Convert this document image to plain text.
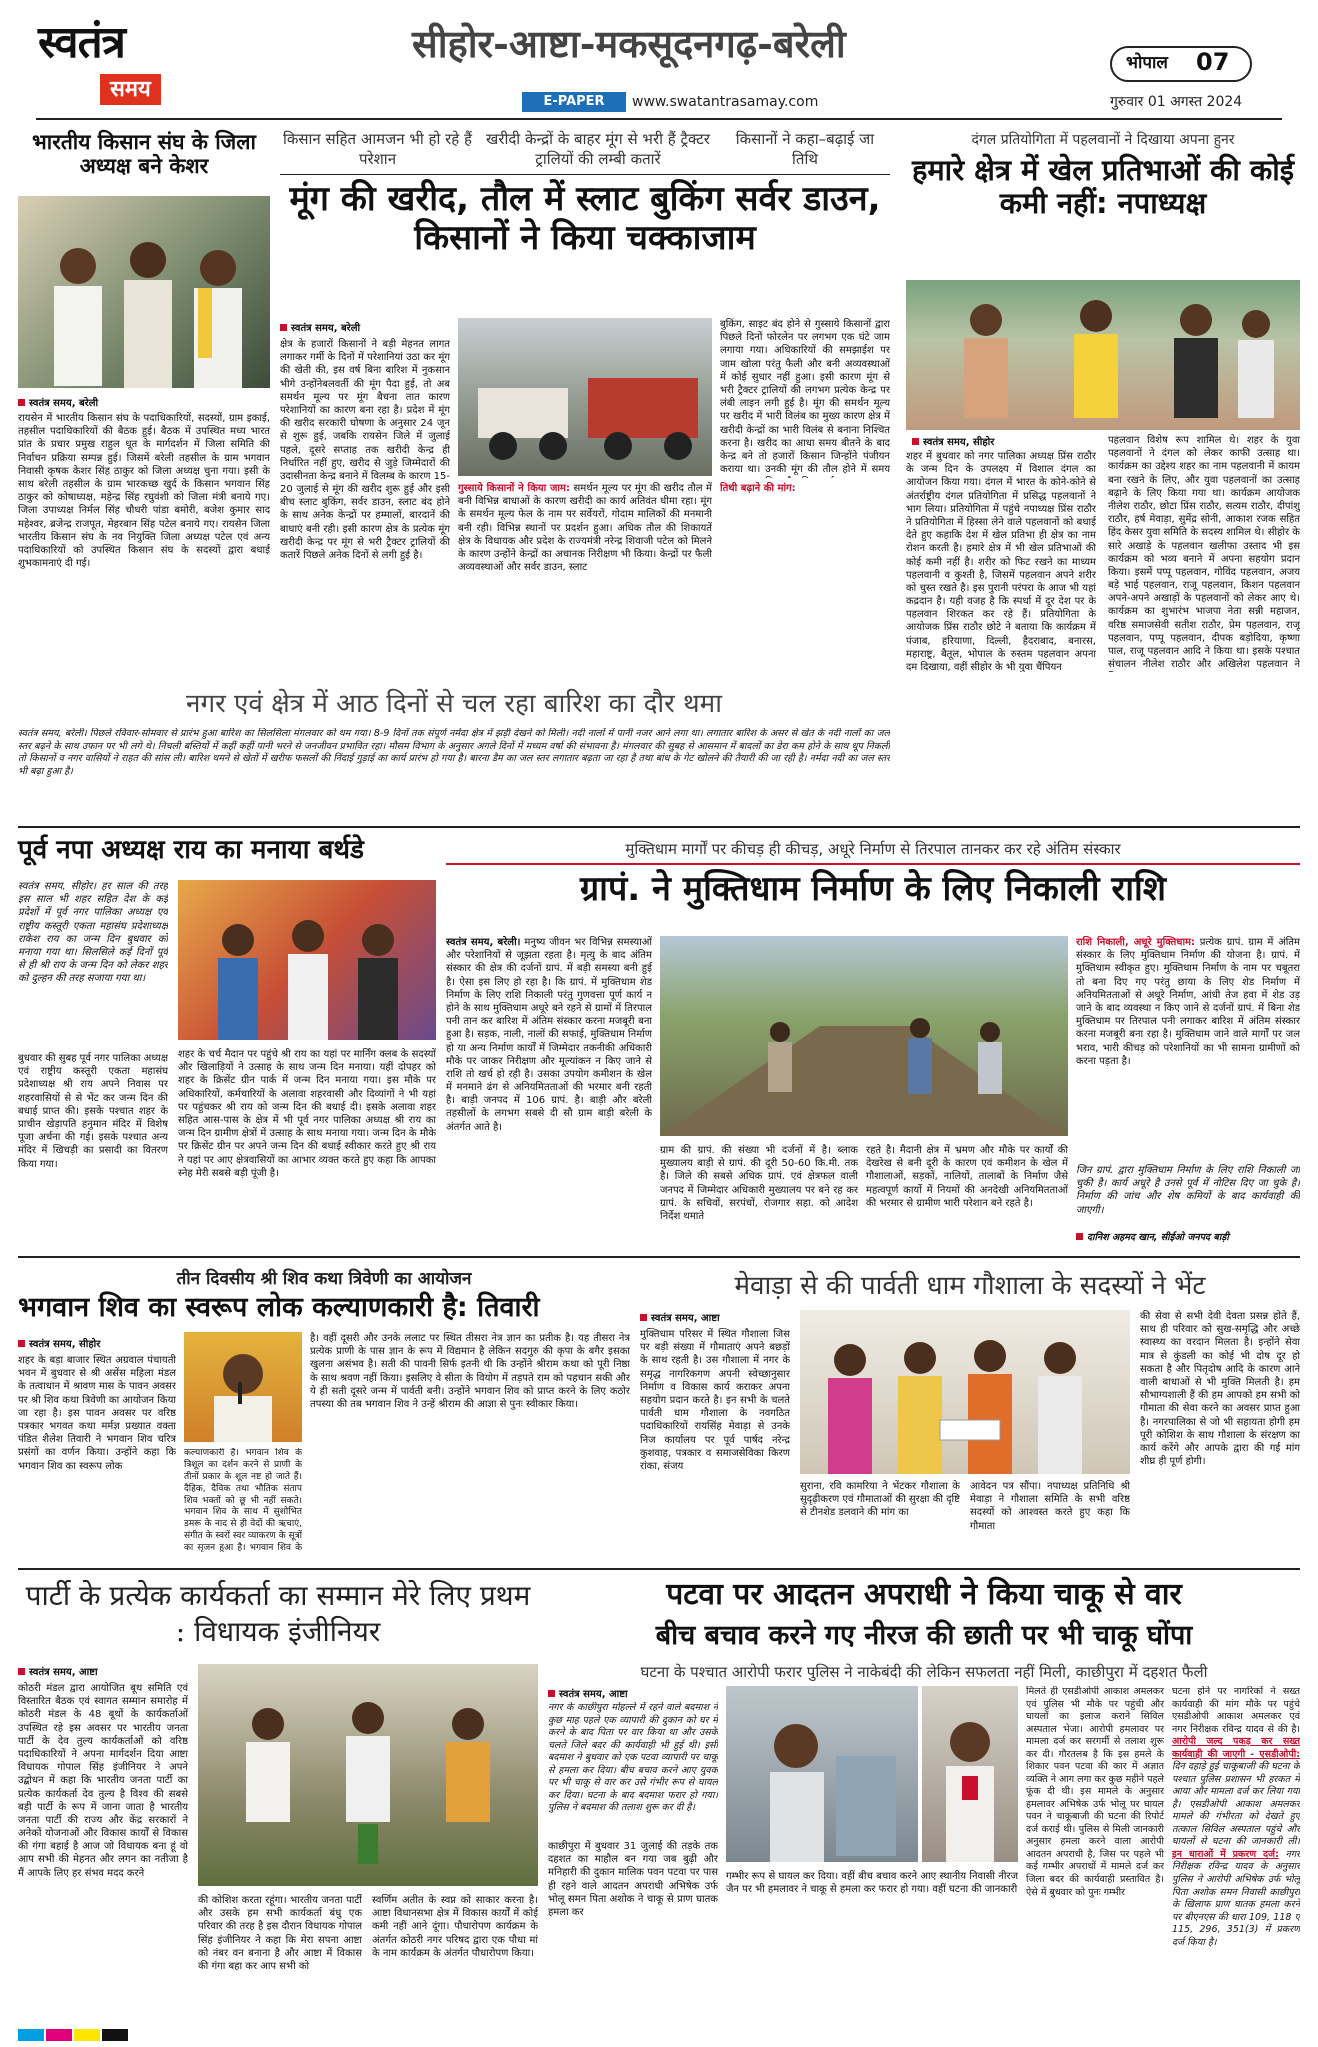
स्वतंत्र
समय
सीहोर-आष्टा-मकसूदनगढ़-बरेली
E-PAPER	www.swatantrasamay.com
भोपाल 07
गुरुवार 01 अगस्त 2024
भारतीय किसान संघ के जिला अध्यक्ष बने केशर
स्वतंत्र समय, बरेली
रायसेन में भारतीय किसान संघ के पदाधिकारियों, सदस्यों, ग्राम इकाई, तहसील पदाधिकारियों की बैठक हुई। बैठक में उपस्थित मध्य भारत प्रांत के प्रचार प्रमुख राहुल धूत के मार्गदर्शन में जिला समिति की निर्वाचन प्रक्रिया सम्पन्न हुई। जिसमें बरेली तहसील के ग्राम भगवान निवासी कृषक केशर सिंह ठाकुर को जिला अध्यक्ष चुना गया। इसी के साथ बरेली तहसील के ग्राम भारकच्छ खुर्द के किसान भगवान सिंह ठाकुर को कोषाध्यक्ष, महेन्द्र सिंह रघुवंशी को जिला मंत्री बनाये गए। जिला उपाध्यक्ष निर्मल सिंह चौधरी पांडा बमोरी, बजेश कुमार साद महेश्वर, ब्रजेन्द्र राजपूत, मेहरबान सिंह पटेल बनाये गए। रायसेन जिला भारतीय किसान संघ के नव नियुक्ति जिला अध्यक्ष पटेल एवं अन्य पदाधिकारियों को उपस्थित किसान संघ के सदस्यों द्वारा बधाई शुभकामनाएं दी गई।
किसान सहित आमजन भी हो रहे हैं परेशान
खरीदी केन्द्रों के बाहर मूंग से भरी हैं ट्रैक्टर ट्रालियों की लम्बी कतारें
किसानों ने कहा–बढ़ाई जा तिथि
मूंग की खरीद, तौल में स्लाट बुकिंग सर्वर डाउन, किसानों ने किया चक्काजाम
स्वतंत्र समय, बरेली
क्षेत्र के हजारों किसानों ने बड़ी मेहनत लागत लगाकर गर्मी के दिनों में परेशानियां उठा कर मूंग की खेती की, इस वर्ष बिना बारिश में नुकसान भीगे उन्होंनेबलवर्ती की मूंग पैदा हुई, तो अब समर्थन मूल्य पर मूंग बैचना तात कारण परेशानियों का कारण बना रहा है। प्रदेश में मूंग की खरीद सरकारी घोषणा के अनुसार 24 जून से शुरू हुई, जबकि रायसेन जिले में जुलाई पहले, दूसरे सप्ताह तक खरीदी केन्द्र ही निर्धारित नहीं हुए, खरीद से जुड़े जिम्मेदारों की उदासीनता केन्द्र बनाने में विलम्ब के कारण 15-20 जुलाई से मूंग की खरीद शुरू हुई और इसी बीच स्लाट बुकिंग, सर्वर डाउन, स्लाट बंद होने के साथ अनेक केन्द्रों पर हम्मालों, बारदानें की बाधाएं बनी रही। इसी कारण क्षेत्र के प्रत्येक मूंग खरीदी केन्द्र पर मूंग से भरी ट्रैक्टर ट्रालियों की कतारें पिछले अनेक दिनों से लगी हुई है।
गुस्साये किसानों ने किया जाम: समर्थन मूल्य पर मूंग की खरीद तौल में बनी विभिन्न बाधाओं के कारण खरीदी का कार्य अतिवंत धीमा रहा। मूंग के समर्थन मूल्य फेल के नाम पर सर्वेयरों, गोदाम मालिकों की मनमानी बनी रही। विभिन्न स्थानों पर प्रदर्शन हुआ। अधिक तौल की शिकायतें क्षेत्र के विधायक और प्रदेश के राज्यमंत्री नरेन्द्र शिवाजी पटेल को मिलने के कारण उन्होंने केन्द्रों का अचानक निरीक्षण भी किया। केन्द्रों पर फैली अव्यवस्थाओं और सर्वर डाउन, स्लाट
बुकिंग, साइट बंद होने से गुस्साये किसानों द्वारा पिछले दिनों फोरलेन पर लगभग एक घंटे जाम लगाया गया। अधिकारियों की समझाईश पर जाम खोला परंतु फैली और बनी अव्यवस्थाओं में कोई सुधार नहीं हुआ। इसी कारण मूंग से भरी ट्रैक्टर ट्रालियों की लगभग प्रत्येक केन्द्र पर लंबी लाइन लगी हुई है। मूंग की समर्थन मूल्य पर खरीद में भारी विलंब का मुख्य कारण क्षेत्र में खरीदी केन्द्रों का भारी विलंब से बनाना निश्चित करना है। खरीद का आधा समय बीतने के बाद केन्द्र बने तो हजारों किसान जिन्होंने पंजीयन कराया था। उनकी मूंग की तौल होने में समय
तिथी बढ़ाने की मांग:
दंगल प्रतियोगिता में पहलवानों ने दिखाया अपना हुनर
हमारे क्षेत्र में खेल प्रतिभाओं की कोई कमी नहीं: नपाध्यक्ष
स्वतंत्र समय, सीहोर
शहर में बुधवार को नगर पालिका अध्यक्ष प्रिंस राठौर के जन्म दिन के उपलक्ष्य में विशाल दंगल का आयोजन किया गया। दंगल में भारत के कोने-कोने से अंतर्राष्ट्रीय दंगल प्रतियोगिता में प्रसिद्ध पहलवानों ने भाग लिया। प्रतियोगिता में पहुंचे नपाध्यक्ष प्रिंस राठौर ने प्रतियोगिता में हिस्सा लेने वाले पहलवानों को बधाई देते हुए कहाकि देश में खेल प्रतिभा ही क्षेत्र का नाम रोशन करती है। हमारे क्षेत्र में भी खेल प्रतिभाओं की कोई कमी नहीं है। शरीर को फिट रखने का माध्यम पहलवानी व कुश्ती है, जिसमें पहलवान अपने शरीर को चुस्त रखते है। इस पुरानी परंपरा के आज भी यहां कद्रदान है। यही वजह है कि स्पर्धा में दूर देश पर के पहलवान शिरकत कर रहे हैं। प्रतियोगिता के आयोजक प्रिंस राठौर छोटे ने बताया कि कार्यक्रम में पंजाब, हरियाणा, दिल्ली, हैदराबाद, बनारस, महाराष्ट्र, बैतूल, भोपाल के रुस्तम पहलवान अपना दम दिखाया, वहीं सीहोर के भी युवा चैंपियन
पहलवान विशेष रूप शामिल थे। शहर के युवा पहलवानों ने दंगल को लेकर काफी उत्साह था। कार्यक्रम का उद्देश्य शहर का नाम पहलवानी में कायम बना रखने के लिए, और युवा पहलवानों का उत्साह बढ़ाने के लिए किया गया था। कार्यक्रम आयोजक नीलेश राठौर, छोटा प्रिंस राठौर, सत्यम राठौर, दीपांशु राठौर, हर्ष मेवाड़ा, सुमेंद्र सोनी, आकाश रजक सहित हिंद केसर युवा समिति के सदस्य शामिल थे। सीहोर के सारे अखाड़े के पहलवान खलीफा उस्ताद भी इस कार्यक्रम को भव्य बनाने में अपना सहयोग प्रदान किया। इसमें पप्पू पहलवान, गोविंद पहलवान, अजय बड़े भाई पहलवान, राजू पहलवान, किशन पहलवान अपने-अपने अखाड़ों के पहलवानों को लेकर आए थे। कार्यक्रम का शुभारंभ भाजपा नेता सन्नी महाजन, वरिष्ठ समाजसेवी सतीश राठौर, प्रेम पहलवान, राजू पहलवान, पप्पू पहलवान, दीपक बड़ोदिया, कृष्णा पाल, राजू पहलवान आदि ने किया था। इसके पश्चात संचालन नीलेश राठौर और अखिलेश पहलवान ने
नगर एवं क्षेत्र में आठ दिनों से चल रहा बारिश का दौर थमा
स्वतंत्र समय, बरेली। पिछले रविवार-सोमवार से प्रारंभ हुआ बारिश का सिलसिला मंगलवार को थम गया। 8-9 दिनों तक संपूर्ण नर्मदा क्षेत्र में झड़ी देखने को मिली। नदी नालों में पानी नजर आने लगा था। लगातार बारिश के असर से खेत के नदी नालों का जल स्तर बढ़ने के साथ उफान पर भी लगे थे। निचली बस्तियों में कहीं कहीं पानी भरने से जनजीवन प्रभावित रहा। मौसम विभाग के अनुसार अगले दिनों में मध्यम वर्षा की संभावना है। मंगलवार की सुबह से आसमान में बादलों का डेरा कम होने के साथ धूप निकली तो किसानों व नगर वासियों ने राहत की सांस ली। बारिश थमने से खेतों में खरीफ फसलों की निंदाई गुड़ाई का कार्य प्रारंभ हो गया है। बारना डैम का जल स्तर लगातार बढ़ता जा रहा है तथा बांध के गेट खोलने की तैयारी की जा रही है। नर्मदा नदी का जल स्तर भी बढ़ा हुआ है।
पूर्व नपा अध्यक्ष राय का मनाया बर्थडे
स्वतंत्र समय, सीहोर। हर साल की तरह इस साल भी शहर सहित देश के कई प्रदेशों में पूर्व नगर पालिका अध्यक्ष एवं राष्ट्रीय कस्तूरी एकता महासंघ प्रदेशाध्यक्ष राकेश राय का जन्म दिन बुधवार को मनाया गया था। सिलसिले कई दिनों पूर्व से ही श्री राय के जन्म दिन को लेकर शहर को दुल्हन की तरह सजाया गया था।
बुधवार की सुबह पूर्व नगर पालिका अध्यक्ष एवं राष्ट्रीय कस्तूरी एकता महासंघ प्रदेशाध्यक्ष श्री राय अपने निवास पर शहरवासियों से से भेंट कर जन्म दिन की बधाई प्राप्त की। इसके पश्चात शहर के प्राचीन खेड़ापति हनुमान मंदिर में विशेष पूजा अर्चना की गई। इसके पश्चात अन्य मंदिर में खिचड़ी का प्रसादी का वितरण किया गया।
शहर के चर्च मैदान पर पहुंचे श्री राय का यहां पर मार्निंग क्लब के सदस्यों और खिलाड़ियों ने उत्साह के साथ जन्म दिन मनाया। यहीं दोपहर को शहर के क्रिसेंट ग्रीन पार्क में जन्म दिन मनाया गया। इस मौके पर अधिकारियों, कर्मचारियों के अलावा शहरवासी और दिव्यांगों ने भी यहां पर पहुंचकर श्री राय को जन्म दिन की बधाई दी। इसके अलावा शहर सहित आस-पास के क्षेत्र में भी पूर्व नगर पालिका अध्यक्ष श्री राय का जन्म दिन ग्रामीण क्षेत्रों में उत्साह के साथ मनाया गया। जन्म दिन के मौके पर क्रिसेंट ग्रीन पर अपने जन्म दिन की बधाई स्वीकार करते हुए श्री राय ने यहां पर आए क्षेत्रवासियों का आभार व्यक्त करते हुए कहा कि आपका स्नेह मेरी सबसे बड़ी पूंजी है।
मुक्तिधाम मार्गों पर कीचड़ ही कीचड़, अधूरे निर्माण से तिरपाल तानकर कर रहे अंतिम संस्कार
ग्रापं. ने मुक्तिधाम निर्माण के लिए निकाली राशि
स्वतंत्र समय, बरेली। मनुष्य जीवन भर विभिन्न समस्याओं और परेशानियों से जूझता रहता है। मृत्यु के बाद अंतिम संस्कार की क्षेत्र की दर्जनों ग्रापं. में बड़ी समस्या बनी हुई है। ऐसा इस लिए हो रहा है। कि ग्रापं. में मुक्तिधाम शेड निर्माण के लिए राशि निकाली परंतु गुणवत्ता पूर्ण कार्य न होने के साथ मुक्तिधाम अधूरे बने रहने से ग्रामों में तिरपाल पनी तान कर बारिश में अंतिम संस्कार करना मजबूरी बना हुआ है। सड़क, नाली, नालों की सफाई, मुक्तिधाम निर्माण हो या अन्य निर्माण कार्यों में जिम्मेदार तकनीकी अधिकारी मौके पर जाकर निरीक्षण और मूल्यांकन न किए जाने से राशि तो खर्च हो रही है। उसका उपयोग कमीशन के खेल में मनमाने ढंग से अनियमितताओं की भरमार बनी रहती है। बाड़ी जनपद में 106 ग्रापं. है। बाड़ी और बरेली तहसीलों के लगभग सबसे दी सौ ग्राम बाड़ी बरेली के अंतर्गत आते है।
ग्राम की ग्रापं. की संख्या भी दर्जनों में है। ब्लाक मुख्यालय बाड़ी से ग्रापं. की दूरी 50-60 कि.मी. तक है। जिले की सबसे अधिक ग्रापं. एवं क्षेत्रफल वाली जनपद में जिम्मेदार अधिकारी मुख्यालय पर बने रह कर ग्रापं. के सचिवों, सरपंचों, रोजगार सहा. को आदेश निर्देश थमाते
रहते है। मैदानी क्षेत्र में भ्रमण और मौके पर कार्यों की देखरेख से बनी दूरी के कारण एवं कमीशन के खेल में गौशालाओं, सड़कों, नालियों, तालाबों के निर्माण जैसे महत्वपूर्ण कार्यो में नियमों की अनदेखी अनियमितताओं की भरमार से ग्रामीण भारी परेशान बने रहते है।
राशि निकाली, अधूरे मुक्तिधाम: प्रत्येक ग्रापं. ग्राम में अंतिम संस्कार के लिए मुक्तिधाम निर्माण की योजना है। ग्रापं. में मुक्तिधाम स्वीकृत हुए। मुक्तिधाम निर्माण के नाम पर चबूतरा तो बना दिए गए परंतु छाया के लिए शेड निर्माण में अनियमितताओं से अधूरे निर्माण, आंधी तेज हवा में शेड उड़ जाने के बाद व्यवस्था न किए जाने से दर्जनों ग्रापं. में बिना शेड मुक्तिधाम पर तिरपाल पनी लगाकर बारिश में अंतिम संस्कार करना मजबूरी बना रहा है। मुक्तिधाम जाने वाले मार्गों पर जल भराव, भारी कीचड़ को परेशानियों का भी सामना ग्रामीणों को करना पड़ता है।
जिन ग्रापं. द्वारा मुक्तिधाम निर्माण के लिए राशि निकाली जा चुकी है। कार्य अधूरे है उनसे पूर्व में नोटिस दिए जा चुके है। निर्माण की जांच और शेष कमियों के बाद कार्यवाही की जाएगी।
दानिश अहमद खान, सीईओ जनपद बाड़ी
तीन दिवसीय श्री शिव कथा त्रिवेणी का आयोजन
भगवान शिव का स्वरूप लोक कल्याणकारी है: तिवारी
स्वतंत्र समय, सीहोर
शहर के बड़ा बाजार स्थित अग्रवाल पंचायती भवन में बुधवार से श्री असेंस महिला मंडल के तत्वाधान में श्रावण मास के पावन अवसर पर श्री शिव कथा त्रिवेणी का आयोजन किया जा रहा है। इस पावन अवसर पर वरिष्ठ पत्रकार भगवत कथा मर्मज्ञ प्रख्यात वक्ता पंडित शैलेश तिवारी ने भगवान शिव चरित्र प्रसंगों का वर्णन किया। उन्होंने कहा कि भगवान शिव का स्वरूप लोक
कल्याणकारी है। भगवान शिव के त्रिशूल का दर्शन करने से प्राणी के तीनों प्रकार के शूल नष्ट हो जाते हैं। दैहिक, दैविक तथा भौतिक संताप शिव भक्तों को छू भी नहीं सकते। भगवान शिव के साथ में सुशोभित डमरू के नाद से ही वेदों की ऋचाएं, संगीत के स्वरों स्वर व्याकरण के सूत्रों का सृजन हुआ है। भगवान शिव के
है। वहीं दूसरी और उनके ललाट पर स्थित तीसरा नेत्र ज्ञान का प्रतीक है। यह तीसरा नेत्र प्रत्येक प्राणी के पास ज्ञान के रूप में विद्यमान है लेकिन सदगुरु की कृपा के बगैर इसका खुलना असंभव है। सती की पावनी सिर्फ इतनी थी कि उन्होंने श्रीराम कथा को पूरी निष्ठा के साथ श्रवण नहीं किया। इसलिए वे सीता के वियोग में तड़पते राम को पहचान सकी और ये ही सती दूसरे जन्म में पार्वती बनी। उन्होंने भगवान शिव को प्राप्त करने के लिए कठोर तपस्या की तब भगवान शिव ने उन्हें श्रीराम की आज्ञा से पुनः स्वीकार किया।
मेवाड़ा से की पार्वती धाम गौशाला के सदस्यों ने भेंट
स्वतंत्र समय, आष्टा
मुक्तिधाम परिसर में स्थित गौशाला जिस पर बड़ी संख्या में गौमाताएं अपने बछड़ों के साथ रहती है। उस गौशाला में नगर के समृद्ध नागरिकगण अपनी स्वेच्छानुसार निर्माण व विकास कार्य कराकर अपना सहयोग प्रदान करते है। इन सभी के चलते पार्वती धाम गौशाला के नवगठित पदाधिकारियों रायसिंह मेवाड़ा से उनके निज कार्यालय पर पूर्व पार्षद नरेन्द्र कुशवाह, पत्रकार व समाजसेविका किरण रांका, संजय
सुराना, रवि कामरिया ने भेंटकर गौशाला के सुदृढ़ीकरण एवं गौमाताओं की सुरक्षा की दृष्टि से टीनशेड डलवाने की मांग का
आवेदन पत्र सौंपा। नपाध्यक्ष प्रतिनिधि श्री मेवाड़ा ने गौशाला समिति के सभी वरिष्ठ सदस्यों को आश्वस्त करते हुए कहा कि गौमाता
की सेवा से सभी देवी देवता प्रसन्न होते हैं, साथ ही परिवार को सुख-समृद्धि और अच्छे स्वास्थ्य का वरदान मिलता है। इन्होंने सेवा मात्र से कुंडली का कोई भी दोष दूर हो सकता है और पितृदोष आदि के कारण आने वाली बाधाओं से भी मुक्ति मिलती है। हम सौभाग्यशाली हैं की हम आपको हम सभी को गौमाता की सेवा करने का अवसर प्राप्त हुआ है। नगरपालिका से जो भी सहायता होगी हम पूरी कोशिश के साथ गौशाला के संरक्षण का कार्य करेंगे और आपके द्वारा की गई मांग शीघ्र ही पूर्ण होगी।
पार्टी के प्रत्येक कार्यकर्ता का सम्मान मेरे लिए प्रथम : विधायक इंजीनियर
स्वतंत्र समय, आष्टा
कोठरी मंडल द्वारा आयोजित बूथ समिति एवं विस्तारित बैठक एवं स्वागत सम्मान समारोह में कोठरी मंडल के 48 बूथों के कार्यकर्ताओं उपस्थित रहे इस अवसर पर भारतीय जनता पार्टी के देव तुल्य कार्यकर्ताओं को वरिष्ठ पदाधिकारियों ने अपना मार्गदर्शन दिया आष्टा विधायक गोपाल सिंह इंजीनियर ने अपने उद्बोधन में कहा कि भारतीय जनता पार्टी का प्रत्येक कार्यकर्ता देव तुल्य है विश्व की सबसे बड़ी पार्टी के रूप में जाना जाता है भारतीय जनता पार्टी की राज्य और केंद्र सरकारों ने अनेकों योजनाओं और विकास कार्यों से विकास की गंगा बहाई है आज जो विधायक बना हूं वो आप सभी की मेहनत और लगन का नतीजा है मैं आपके लिए हर संभव मदद करने
की कोशिश करता रहूंगा। भारतीय जनता पार्टी और उसके हम सभी कार्यकर्ता बंधु एक परिवार की तरह है इस दौरान विधायक गोपाल सिंह इंजीनियर ने कहा कि मेरा सपना आष्टा को नंबर वन बनाना है और आष्टा में विकास की गंगा बहा कर आप सभी को
स्वर्णिम अतीत के स्वप्न को साकार करना है। आष्टा विधानसभा क्षेत्र में विकास कार्यों में कोई कमी नहीं आने दूंगा। पौधारोपण कार्यक्रम के अंतर्गत कोठरी नगर परिषद द्वारा एक पौधा मां के नाम कार्यक्रम के अंतर्गत पौधारोपण किया।
पटवा पर आदतन अपराधी ने किया चाकू से वार
बीच बचाव करने गए नीरज की छाती पर भी चाकू घोंपा
घटना के पश्चात आरोपी फरार पुलिस ने नाकेबंदी की लेकिन सफलता नहीं मिली, काछीपुरा में दहशत फैली
स्वतंत्र समय, आष्टा
नगर के काछीपुरा मोहल्ले में रहने वाले बदमाश ने कुछ माह पहले एक व्यापारी की दुकान को घर में करने के बाद पिता पर वार किया था और उसके चलते जिले बदर की कार्यवाही भी हुई थी। इसी बदमाश ने बुधवार को एक पटवा व्यापारी पर चाकू से हमला कर दिया। बीच बचाव करने आए युवक पर भी चाकू से वार कर उसे गंभीर रूप से घायल कर दिया। घटना के बाद बदमाश फरार हो गया। पुलिस ने बदमाश की तलाश शुरू कर दी है।
काछीपुरा में बुधवार 31 जुलाई की तड़के तक दहशत का माहौल बन गया जब बुढ़ी और मनिहारी की दुकान मालिक पवन पटवा पर पास ही रहने वाले आदतन अपराधी अभिषेक उर्फ भोलू समन पिता अशोक ने चाकू से प्राण घातक हमला कर
गम्भीर रूप से घायल कर दिया। वहीं बीच बचाव करने आए स्थानीय निवासी नीरज जैन पर भी हमलावर ने चाकू से हमला कर फरार हो गया। वहीं घटना की जानकारी
मिलते ही एसडीओपी आकाश अमलकर एवं पुलिस भी मौके पर पहुंची और घायलों का इलाज कराने सिविल अस्पताल भेजा। आरोपी हमलावर पर मामला दर्ज कर सरगर्मी से तलाश शुरू कर दी। गौरतलब है कि इस हमले के शिकार पवन पटवा की कार में अज्ञात व्यक्ति ने आग लगा कर कुछ महीने पहले फूंक दी थी। इस मामले के अनुसार हमलावर अभिषेक उर्फ भोलू पर घायल पवन ने चाकूबाजी की घटना की रिपोर्ट दर्ज कराई थी। पुलिस से मिली जानकारी अनुसार हमला करने वाला आरोपी आदतन अपराधी है, जिस पर पहले भी कई गम्भीर अपराधों में मामले दर्ज कर जिला बदर की कार्यवाही प्रस्तावित है। ऐसे में बुधवार को पुनः गम्भीर
घटना होने पर नागरिकों ने सख्त कार्यवाही की मांग मौके पर पहुंचे एसडीओपी आकाश अमलकर एवं नगर निरीक्षक रविन्द्र यादव से की है। आरोपी जल्द पकड़ कर सख्त कार्यवाही की जाएगी - एसडीओपी: दिन दहाड़े हुई चाकूबाजी की घटना के पश्चात पुलिस प्रशासन भी हरकत में आया और मामला दर्ज कर लिया गया है। एसडीओपी आकाश अमलकर मामले की गंभीरता को देखते हुए तत्काल सिविल अस्पताल पहुंचे और घायलों से घटना की जानकारी ली। इन धाराओं में प्रकरण दर्ज: नगर निरीक्षक रविन्द्र यादव के अनुसार पुलिस ने आरोपी अभिषेक उर्फ भोलू पिता अशोक समन निवासी काछीपुरा के खिलाफ प्राण घातक हमला करने पर बीएनएस की धारा 109, 118 ए 115, 296, 351(3) में प्रकरण दर्ज किया है।
